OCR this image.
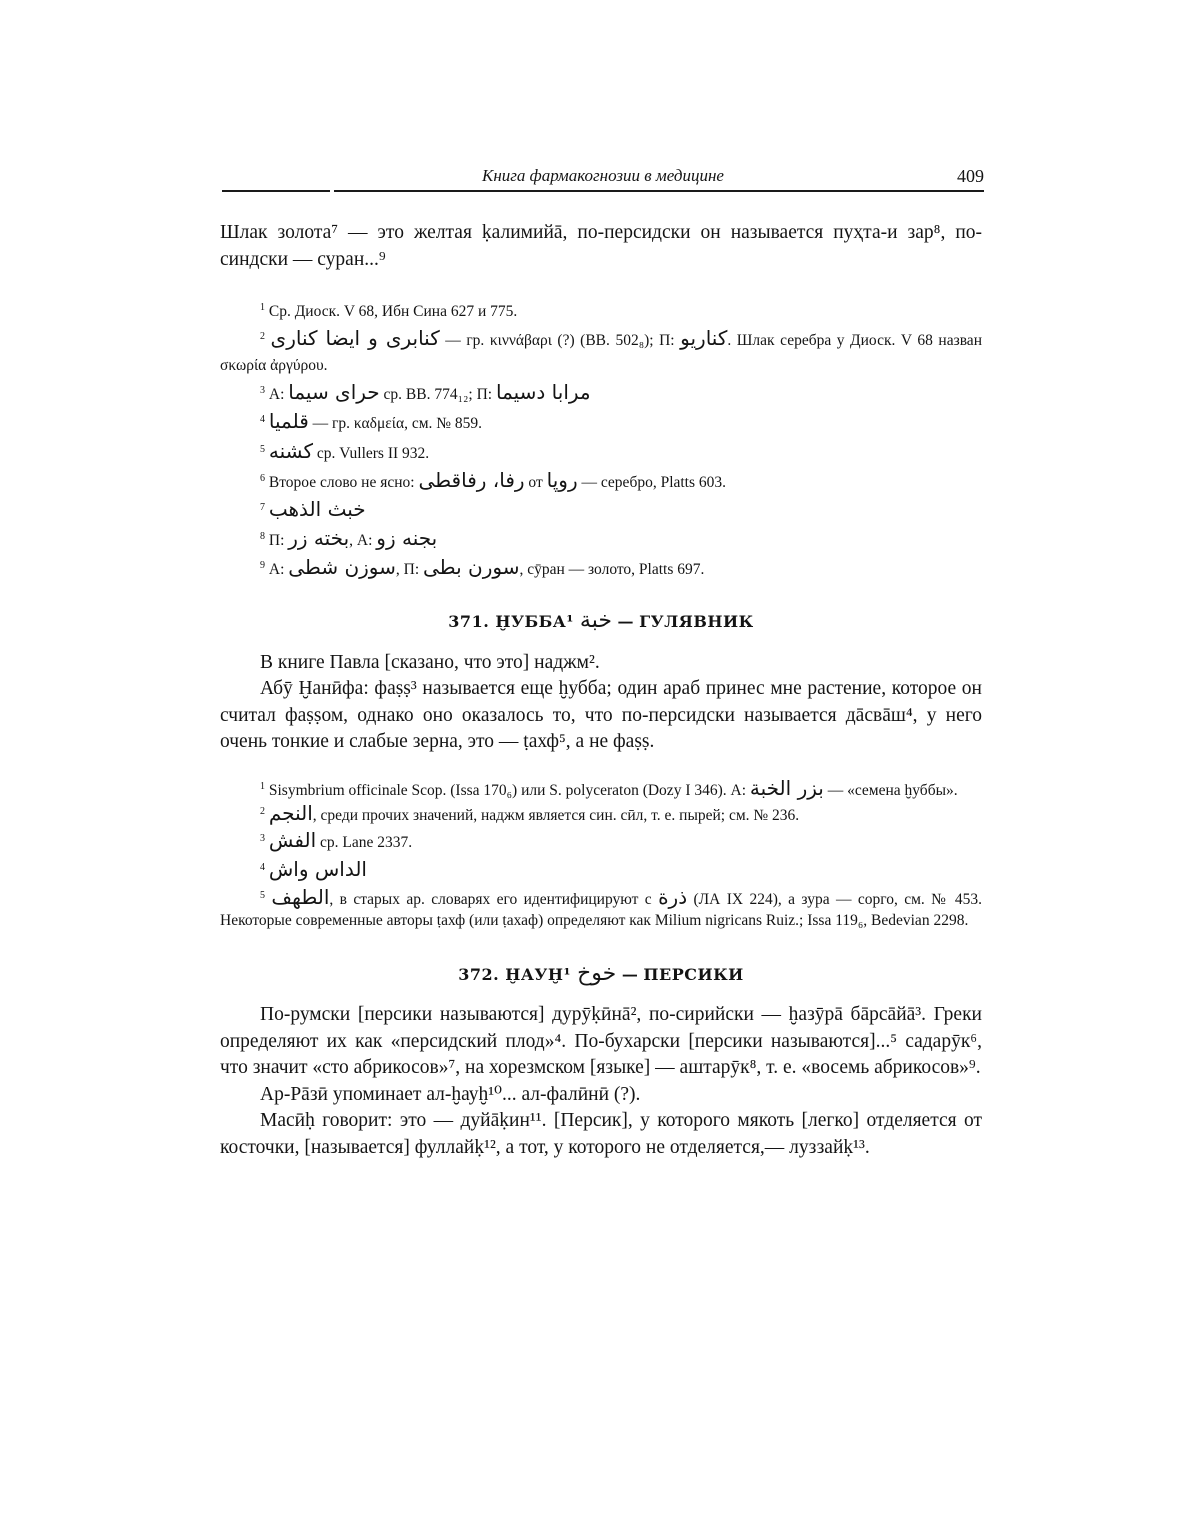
Книга фармакогнозии в медицине	409

Шлак золота⁷ — это желтая ḳалимийā, по-персидски он называется пуҳта-и зар⁸, по-синдски — суран...⁹

$^1$ Ср. Диоск. V 68, Ибн Сина 627 и 775.

$^2$ كنابرى و ايضا كنارى — гр. κιννάβαρι (?) (ВВ. 502₈); П: كناريو. Шлак серебра у Диоск. V 68 назван σκωρία ἀργύρου.

$^3$ А: حراى سيما ср. ВВ. 774₁₂; П: مرابا دسيما

$^4$ قلميا — гр. καδμεία, см. № 859.

$^5$ كشنه ср. Vullers II 932.

$^6$ Второе слово не ясно: رفا، رفاقطى от روپا — серебро, Platts 603.

$^7$ خبث الذهب

$^8$ П: بخته زر, А: بجنه زو

$^9$ А: سوزن شطى, П: سورن بطى, сӯран — золото, Platts 697.

371. ḪУББА¹ خبة — ГУЛЯВНИК

В книге Павла [сказано, что это] наджм².

Абӯ Ḫанӣфа: фаṣṣ³ называется еще ḫубба; один араб принес мне растение, которое он считал фаṣṣом, однако оно оказалось то, что по-персидски называется дāсвāш⁴, у него очень тонкие и слабые зерна, это — ṭахф⁵, а не фаṣṣ.

$^1$ Sisymbrium officinale Scop. (Issa 170₆) или S. polyceraton (Dozy I 346). А: بزر الخبة — «семена ḫуббы».

$^2$ النجم, среди прочих значений, наджм является син. сӣл, т. е. пырей; см. № 236.

$^3$ الفش ср. Lane 2337.

$^4$ الداس واش

$^5$ الطهف, в старых ар. словарях его идентифицируют с ذرة (ЛА IX 224), а зура — сорго, см. № 453. Некоторые современные авторы ṭахф (или ṭахаф) определяют как Milium nigricans Ruiz.; Issa 119₆, Bedevian 2298.

372. ḪАУḪ¹ خوخ — ПЕРСИКИ

По-румски [персики называются] дурӯḳӣнā², по-сирийски — ḫазӯрā бāрсāйā³. Греки определяют их как «персидский плод»⁴. По-бухарски [персики называются]...⁵ садарӯк⁶, что значит «сто абрикосов»⁷, на хорезмском [языке] — аштарӯк⁸, т. е. «восемь абрикосов»⁹.

Ар-Рāзӣ упоминает ал-ḫауḫ¹⁰... ал-фалӣнӣ (?).

Масӣḥ говорит: это — дуйāḳин¹¹. [Персик], у которого мякоть [легко] отделяется от косточки, [называется] фуллайḳ¹², а тот, у которого не отделяется,— луззайḳ¹³.
